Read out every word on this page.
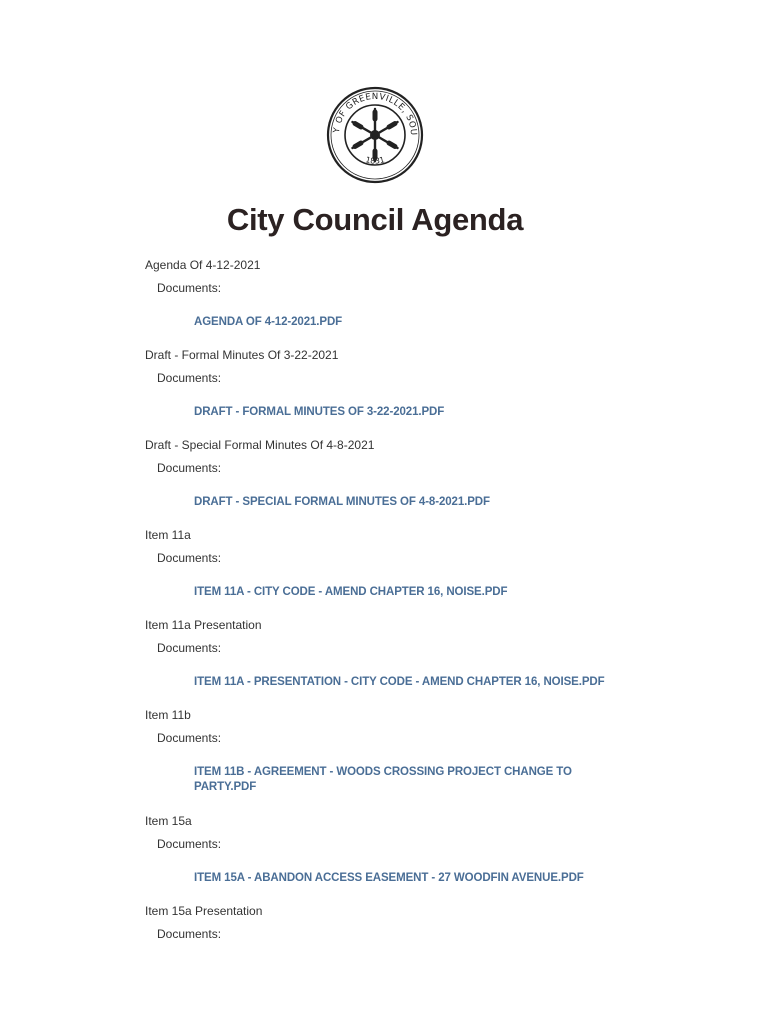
Y OF GREENVILLE, SOU
1831
City Council Agenda
Agenda Of 4-12-2021
Documents:
AGENDA OF 4-12-2021.PDF
Draft - Formal Minutes Of 3-22-2021
Documents:
DRAFT - FORMAL MINUTES OF 3-22-2021.PDF
Draft - Special Formal Minutes Of 4-8-2021
Documents:
DRAFT - SPECIAL FORMAL MINUTES OF 4-8-2021.PDF
Item 11a
Documents:
ITEM 11A - CITY CODE - AMEND CHAPTER 16, NOISE.PDF
Item 11a Presentation
Documents:
ITEM 11A - PRESENTATION - CITY CODE - AMEND CHAPTER 16, NOISE.PDF
Item 11b
Documents:
ITEM 11B - AGREEMENT - WOODS CROSSING PROJECT CHANGE TO PARTY.PDF
Item 15a
Documents:
ITEM 15A - ABANDON ACCESS EASEMENT - 27 WOODFIN AVENUE.PDF
Item 15a Presentation
Documents:
